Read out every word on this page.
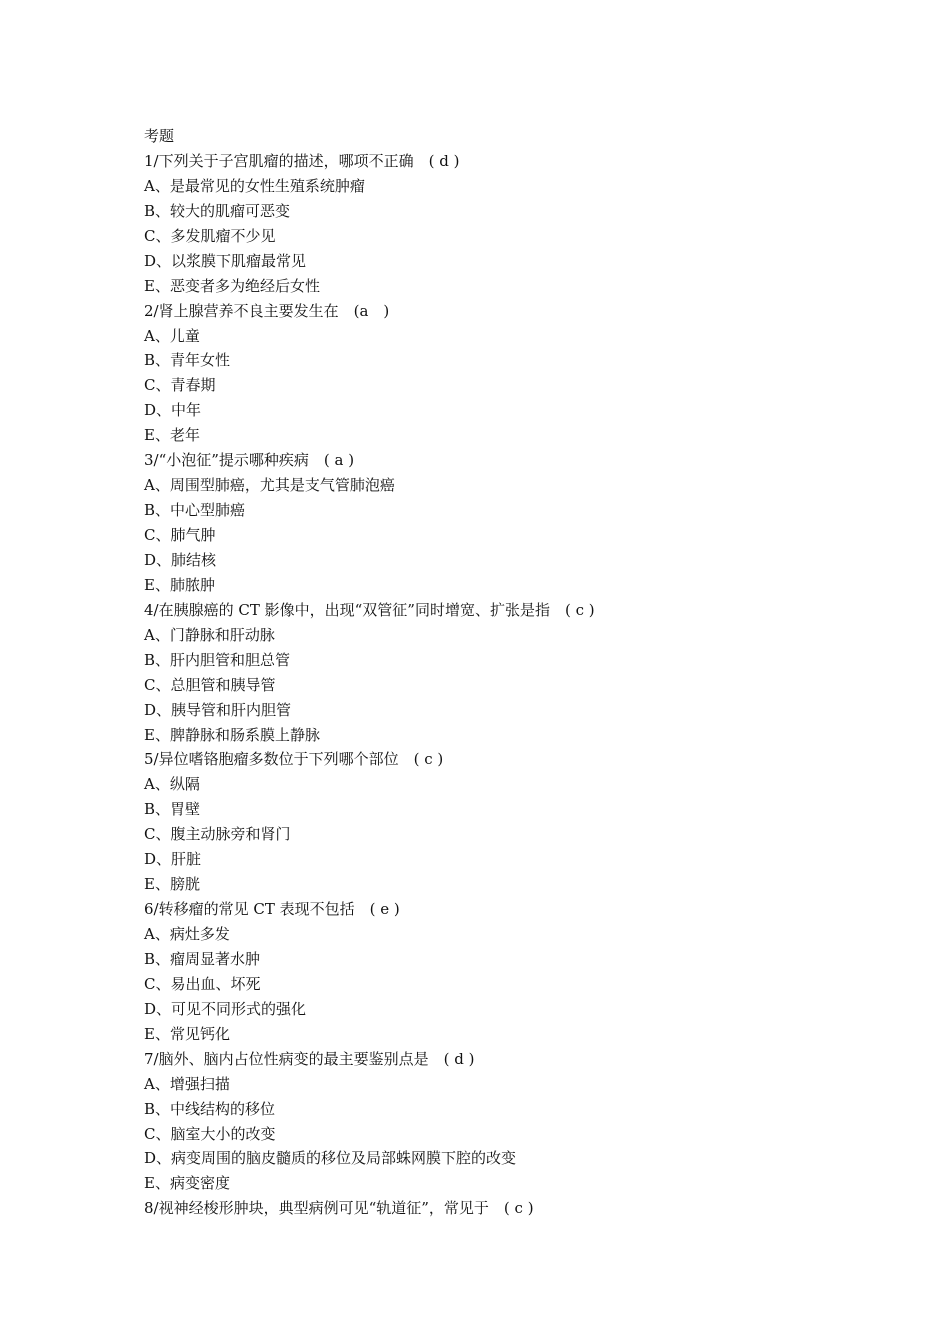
考题
1/下列关于子宫肌瘤的描述，哪项不正确　( d )
A、是最常见的女性生殖系统肿瘤
B、较大的肌瘤可恶变
C、多发肌瘤不少见
D、以浆膜下肌瘤最常见
E、恶变者多为绝经后女性
2/肾上腺营养不良主要发生在　(a　)
A、儿童
B、青年女性
C、青春期
D、中年
E、老年
3/“小泡征”提示哪种疾病　( a )
A、周围型肺癌，尤其是支气管肺泡癌
B、中心型肺癌
C、肺气肿
D、肺结核
E、肺脓肿
4/在胰腺癌的 CT 影像中，出现“双管征”同时增宽、扩张是指　( c )
A、门静脉和肝动脉
B、肝内胆管和胆总管
C、总胆管和胰导管
D、胰导管和肝内胆管
E、脾静脉和肠系膜上静脉
5/异位嗜铬胞瘤多数位于下列哪个部位　( c )
A、纵隔
B、胃壁
C、腹主动脉旁和肾门
D、肝脏
E、膀胱
6/转移瘤的常见 CT 表现不包括　( e )
A、病灶多发
B、瘤周显著水肿
C、易出血、坏死
D、可见不同形式的强化
E、常见钙化
7/脑外、脑内占位性病变的最主要鉴别点是　( d )
A、增强扫描
B、中线结构的移位
C、脑室大小的改变
D、病变周围的脑皮髓质的移位及局部蛛网膜下腔的改变
E、病变密度
8/视神经梭形肿块，典型病例可见“轨道征”，常见于　( c )
